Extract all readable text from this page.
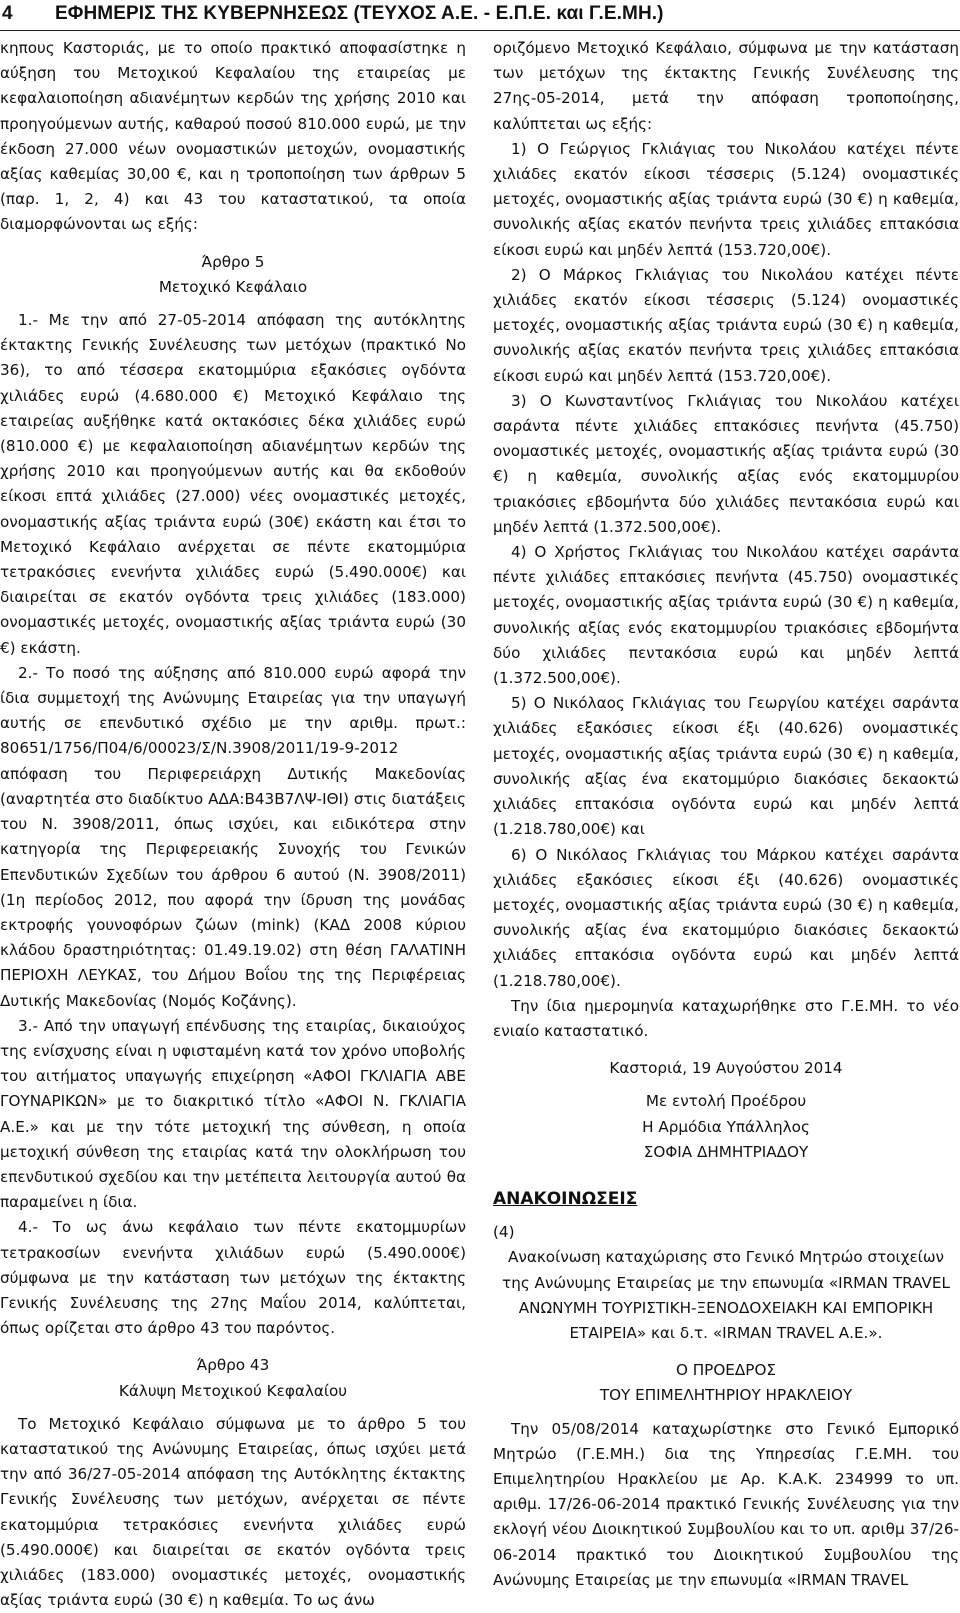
4 ΕΦΗΜΕΡΙΣ ΤΗΣ ΚΥΒΕΡΝΗΣΕΩΣ (ΤΕΥΧΟΣ Α.Ε. - Ε.Π.Ε. και Γ.Ε.ΜΗ.)

κηπους Καστοριάς, με το οποίο πρακτικό αποφασίστηκε η αύξηση του Μετοχικού Κεφαλαίου της εταιρείας με κεφαλαιοποίηση αδιανέμητων κερδών της χρήσης 2010 και προηγούμενων αυτής, καθαρού ποσού 810.000 ευρώ, με την έκδοση 27.000 νέων ονομαστικών μετοχών, ονομαστικής αξίας καθεμίας 30,00 €, και η τροποποίηση των άρθρων 5 (παρ. 1, 2, 4) και 43 του καταστατικού, τα οποία διαμορφώνονται ως εξής:

Άρθρο 5
Μετοχικό Κεφάλαιο

1.- Με την από 27-05-2014 απόφαση της αυτόκλητης έκτακτης Γενικής Συνέλευσης των μετόχων (πρακτικό Νο 36), το από τέσσερα εκατομμύρια εξακόσιες ογδόντα χιλιάδες ευρώ (4.680.000 €) Μετοχικό Κεφάλαιο της εταιρείας αυξήθηκε κατά οκτακόσιες δέκα χιλιάδες ευρώ (810.000 €) με κεφαλαιοποίηση αδιανέμητων κερδών της χρήσης 2010 και προηγούμενων αυτής και θα εκδοθούν είκοσι επτά χιλιάδες (27.000) νέες ονομαστικές μετοχές, ονομαστικής αξίας τριάντα ευρώ (30€) εκάστη και έτσι το Μετοχικό Κεφάλαιο ανέρχεται σε πέντε εκατομμύρια τετρακόσιες ενενήντα χιλιάδες ευρώ (5.490.000€) και διαιρείται σε εκατόν ογδόντα τρεις χιλιάδες (183.000) ονομαστικές μετοχές, ονομαστικής αξίας τριάντα ευρώ (30 €) εκάστη.

2.- Το ποσό της αύξησης από 810.000 ευρώ αφορά την ίδια συμμετοχή της Ανώνυμης Εταιρείας για την υπαγωγή αυτής σε επενδυτικό σχέδιο με την αριθμ. πρωτ.: 80651/1756/Π04/6/00023/Σ/Ν.3908/2011/19-9-2012 απόφαση του Περιφερειάρχη Δυτικής Μακεδονίας (αναρτητέα στο διαδίκτυο ΑΔΑ:Β43Β7ΛΨ-ΙΘΙ) στις διατάξεις του Ν. 3908/2011, όπως ισχύει, και ειδικότερα στην κατηγορία της Περιφερειακής Συνοχής του Γενικών Επενδυτικών Σχεδίων του άρθρου 6 αυτού (Ν. 3908/2011) (1η περίοδος 2012, που αφορά την ίδρυση της μονάδας εκτροφής γουνοφόρων ζώων (mink) (ΚΑΔ 2008 κύριου κλάδου δραστηριότητας: 01.49.19.02) στη θέση ΓΑΛΑΤΙΝΗ ΠΕΡΙΟΧΗ ΛΕΥΚΑΣ, του Δήμου Βοΐου της της Περιφέρειας Δυτικής Μακεδονίας (Νομός Κοζάνης).

3.- Από την υπαγωγή επένδυσης της εταιρίας, δικαιούχος της ενίσχυσης είναι η υφισταμένη κατά τον χρόνο υποβολής του αιτήματος υπαγωγής επιχείρηση «ΑΦΟΙ ΓΚΛΙΑΓΙΑ ΑΒΕ ΓΟΥΝΑΡΙΚΩΝ» με το διακριτικό τίτλο «ΑΦΟΙ Ν. ΓΚΛΙΑΓΙΑ Α.Ε.» και με την τότε μετοχική της σύνθεση, η οποία μετοχική σύνθεση της εταιρίας κατά την ολοκλήρωση του επενδυτικού σχεδίου και την μετέπειτα λειτουργία αυτού θα παραμείνει η ίδια.

4.- Το ως άνω κεφάλαιο των πέντε εκατομμυρίων τετρακοσίων ενενήντα χιλιάδων ευρώ (5.490.000€) σύμφωνα με την κατάσταση των μετόχων της έκτακτης Γενικής Συνέλευσης της 27ης Μαΐου 2014, καλύπτεται, όπως ορίζεται στο άρθρο 43 του παρόντος.

Άρθρο 43
Κάλυψη Μετοχικού Κεφαλαίου

Το Μετοχικό Κεφάλαιο σύμφωνα με το άρθρο 5 του καταστατικού της Ανώνυμης Εταιρείας, όπως ισχύει μετά την από 36/27-05-2014 απόφαση της Αυτόκλητης έκτακτης Γενικής Συνέλευσης των μετόχων, ανέρχεται σε πέντε εκατομμύρια τετρακόσιες ενενήντα χιλιάδες ευρώ (5.490.000€) και διαιρείται σε εκατόν ογδόντα τρεις χιλιάδες (183.000) ονομαστικές μετοχές, ονομαστικής αξίας τριάντα ευρώ (30 €) η καθεμία. Το ως άνω

οριζόμενο Μετοχικό Κεφάλαιο, σύμφωνα με την κατάσταση των μετόχων της έκτακτης Γενικής Συνέλευσης της 27ης-05-2014, μετά την απόφαση τροποποίησης, καλύπτεται ως εξής:

1) Ο Γεώργιος Γκλιάγιας του Νικολάου κατέχει πέντε χιλιάδες εκατόν είκοσι τέσσερις (5.124) ονομαστικές μετοχές, ονομαστικής αξίας τριάντα ευρώ (30 €) η καθεμία, συνολικής αξίας εκατόν πενήντα τρεις χιλιάδες επτακόσια είκοσι ευρώ και μηδέν λεπτά (153.720,00€).

2) Ο Μάρκος Γκλιάγιας του Νικολάου κατέχει πέντε χιλιάδες εκατόν είκοσι τέσσερις (5.124) ονομαστικές μετοχές, ονομαστικής αξίας τριάντα ευρώ (30 €) η καθεμία, συνολικής αξίας εκατόν πενήντα τρεις χιλιάδες επτακόσια είκοσι ευρώ και μηδέν λεπτά (153.720,00€).

3) Ο Κωνσταντίνος Γκλιάγιας του Νικολάου κατέχει σαράντα πέντε χιλιάδες επτακόσιες πενήντα (45.750) ονομαστικές μετοχές, ονομαστικής αξίας τριάντα ευρώ (30 €) η καθεμία, συνολικής αξίας ενός εκατομμυρίου τριακόσιες εβδομήντα δύο χιλιάδες πεντακόσια ευρώ και μηδέν λεπτά (1.372.500,00€).

4) Ο Χρήστος Γκλιάγιας του Νικολάου κατέχει σαράντα πέντε χιλιάδες επτακόσιες πενήντα (45.750) ονομαστικές μετοχές, ονομαστικής αξίας τριάντα ευρώ (30 €) η καθεμία, συνολικής αξίας ενός εκατομμυρίου τριακόσιες εβδομήντα δύο χιλιάδες πεντακόσια ευρώ και μηδέν λεπτά (1.372.500,00€).

5) Ο Νικόλαος Γκλιάγιας του Γεωργίου κατέχει σαράντα χιλιάδες εξακόσιες είκοσι έξι (40.626) ονομαστικές μετοχές, ονομαστικής αξίας τριάντα ευρώ (30 €) η καθεμία, συνολικής αξίας ένα εκατομμύριο διακόσιες δεκαοκτώ χιλιάδες επτακόσια ογδόντα ευρώ και μηδέν λεπτά (1.218.780,00€) και

6) Ο Νικόλαος Γκλιάγιας του Μάρκου κατέχει σαράντα χιλιάδες εξακόσιες είκοσι έξι (40.626) ονομαστικές μετοχές, ονομαστικής αξίας τριάντα ευρώ (30 €) η καθεμία, συνολικής αξίας ένα εκατομμύριο διακόσιες δεκαοκτώ χιλιάδες επτακόσια ογδόντα ευρώ και μηδέν λεπτά (1.218.780,00€).

Την ίδια ημερομηνία καταχωρήθηκε στο Γ.Ε.ΜΗ. το νέο ενιαίο καταστατικό.

Καστοριά, 19 Αυγούστου 2014
Με εντολή Προέδρου
Η Αρμόδια Υπάλληλος
ΣΟΦΙΑ ΔΗΜΗΤΡΙΑΔΟΥ

ΑΝΑΚΟΙΝΩΣΕΙΣ

(4)

Ανακοίνωση καταχώρισης στο Γενικό Μητρώο στοιχείων της Ανώνυμης Εταιρείας με την επωνυμία «IRMAN TRAVEL ΑΝΩΝΥΜΗ ΤΟΥΡΙΣΤΙΚΗ-ΞΕΝΟΔΟΧΕΙΑΚΗ ΚΑΙ ΕΜΠΟΡΙΚΗ ΕΤΑΙΡΕΙΑ» και δ.τ. «IRMAN TRAVEL Α.Ε.».

Ο ΠΡΟΕΔΡΟΣ
ΤΟΥ ΕΠΙΜΕΛΗΤΗΡΙΟΥ ΗΡΑΚΛΕΙΟΥ

Την 05/08/2014 καταχωρίστηκε στο Γενικό Εμπορικό Μητρώο (Γ.Ε.ΜΗ.) δια της Υπηρεσίας Γ.Ε.ΜΗ. του Επιμελητηρίου Ηρακλείου με Αρ. Κ.Α.Κ. 234999 το υπ. αριθμ. 17/26-06-2014 πρακτικό Γενικής Συνέλευσης για την εκλογή νέου Διοικητικού Συμβουλίου και το υπ. αριθμ 37/26-06-2014 πρακτικό του Διοικητικού Συμβουλίου της Ανώνυμης Εταιρείας με την επωνυμία «IRMAN TRAVEL
